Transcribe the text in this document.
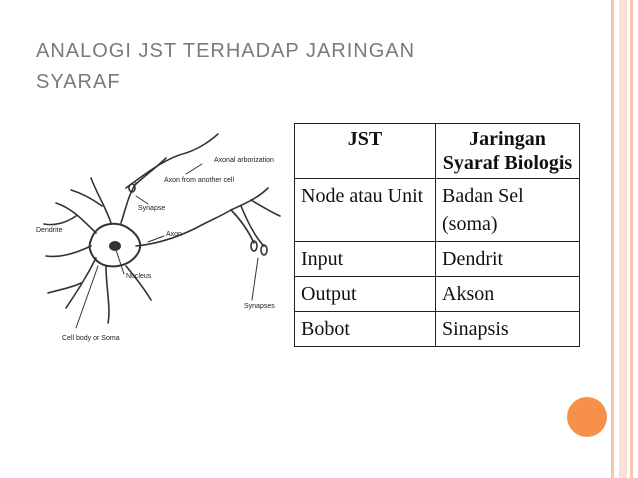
ANALOGI JST TERHADAP JARINGAN
SYARAF
Axonal arborization
Axon from another cell
Synapse
Dendrite
Axon
Nucleus
Synapses
Cell body or Soma
JST	Jaringan Syaraf Biologis
Node atau Unit	Badan Sel (soma)
Input	Dendrit
Output	Akson
Bobot	Sinapsis
